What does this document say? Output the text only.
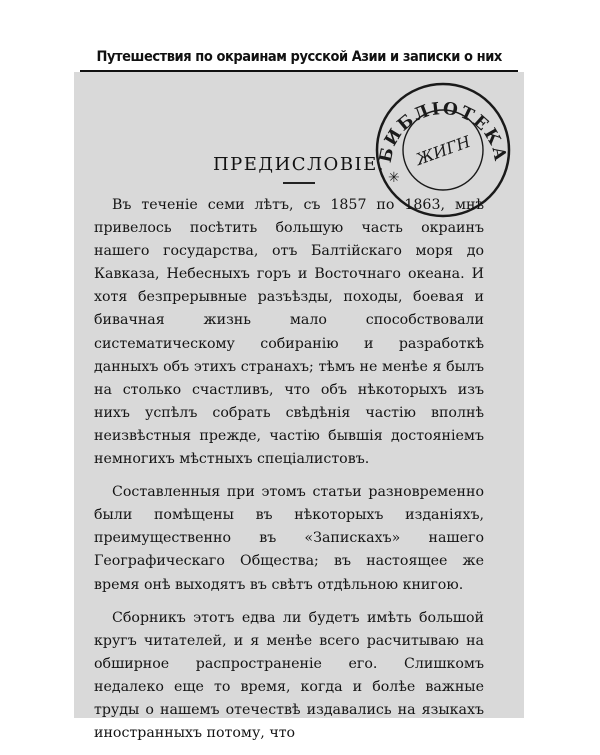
БИБЛIОТЕКА
ЖИГН
✳
ПРЕДИСЛОВIЕ.

Въ теченіе семи лѣтъ, съ 1857 по 1863, мнѣ привелось посѣтить большую часть окраинъ нашего государства, отъ Балтійскаго моря до Кавказа, Небесныхъ горъ и Восточнаго океана. И хотя безпрерывные разъѣзды, походы, боевая и бивачная жизнь мало способствовали систематическому собиранію и разработкѣ данныхъ объ этихъ странахъ; тѣмъ не менѣе я былъ на столько счастливъ, что объ нѣкоторыхъ изъ нихъ успѣлъ собрать свѣдѣнія частію вполнѣ неизвѣстныя прежде, частію бывшія достояніемъ немногихъ мѣстныхъ спеціалистовъ.

Составленныя при этомъ статьи разновременно были помѣщены въ нѣкоторыхъ изданіяхъ, преимущественно въ «Запискахъ» нашего Географическаго Общества; въ настоящее же время онѣ выходятъ въ свѣтъ отдѣльною книгою.

Сборникъ этотъ едва ли будетъ имѣть большой кругъ читателей, и я менѣе всего расчитываю на обширное распространеніе его. Слишкомъ недалеко еще то время, когда и болѣе важные труды о нашемъ отечествѣ издавались на языкахъ иностранныхъ потому, что

Путешествия по окраинам русской Азии и записки о них
